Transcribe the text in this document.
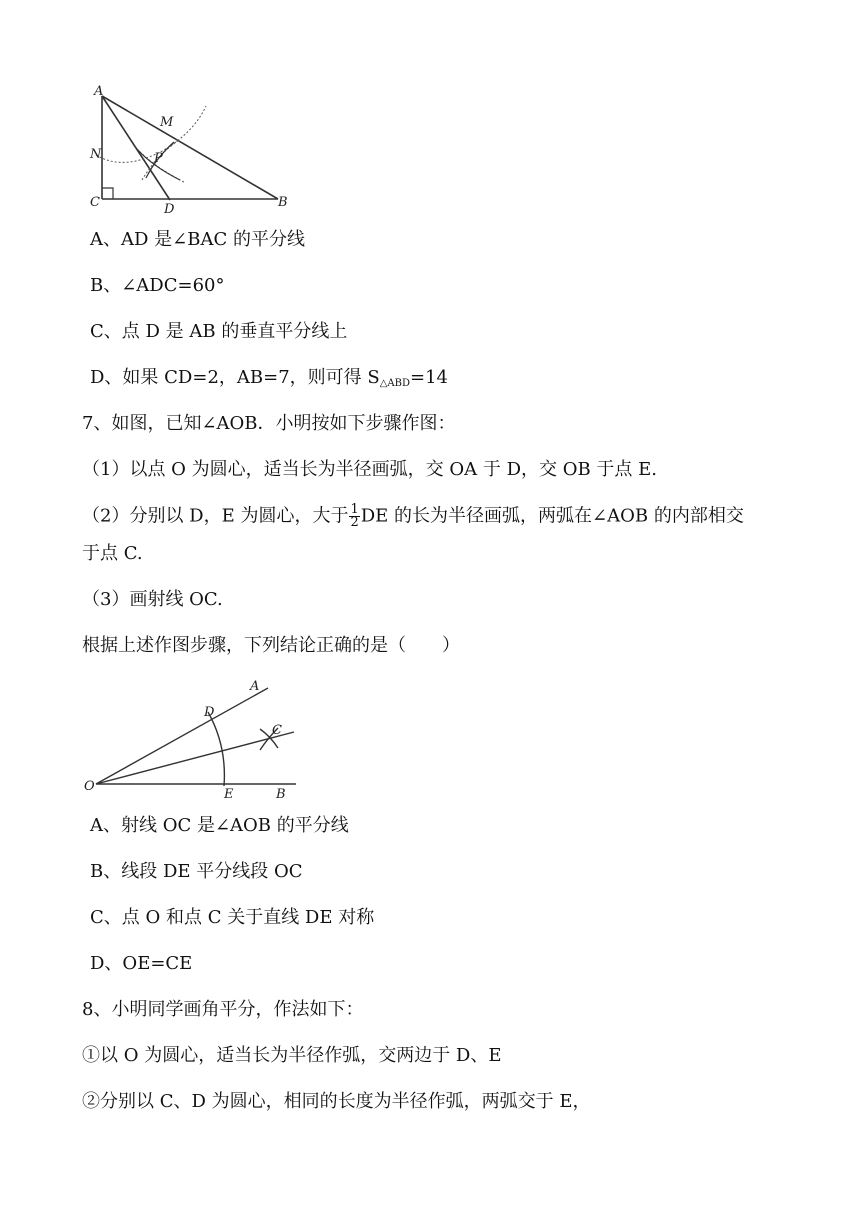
A
M
N	P
C	D	B
A、AD 是∠BAC 的平分线
B、∠ADC=60°
C、点 D 是 AB 的垂直平分线上
D、如果 CD=2，AB=7，则可得 $S_{\triangle ABD}=14$
7、如图，已知∠AOB．小明按如下步骤作图：
（1）以点 O 为圆心，适当长为半径画弧，交 OA 于 D，交 OB 于点 E.
（2）分别以 D，E 为圆心，大于 $\frac{1}{2}$ DE 的长为半径画弧，两弧在∠AOB 的内部相交
于点 C.
（3）画射线 OC.
根据上述作图步骤，下列结论正确的是（　　）
O
A
D
C
E	B
A、射线 OC 是∠AOB 的平分线
B、线段 DE 平分线段 OC
C、点 O 和点 C 关于直线 DE 对称
D、OE=CE
8、小明同学画角平分，作法如下：
①以 O 为圆心，适当长为半径作弧，交两边于 D、E
②分别以 C、D 为圆心，相同的长度为半径作弧，两弧交于 E，
